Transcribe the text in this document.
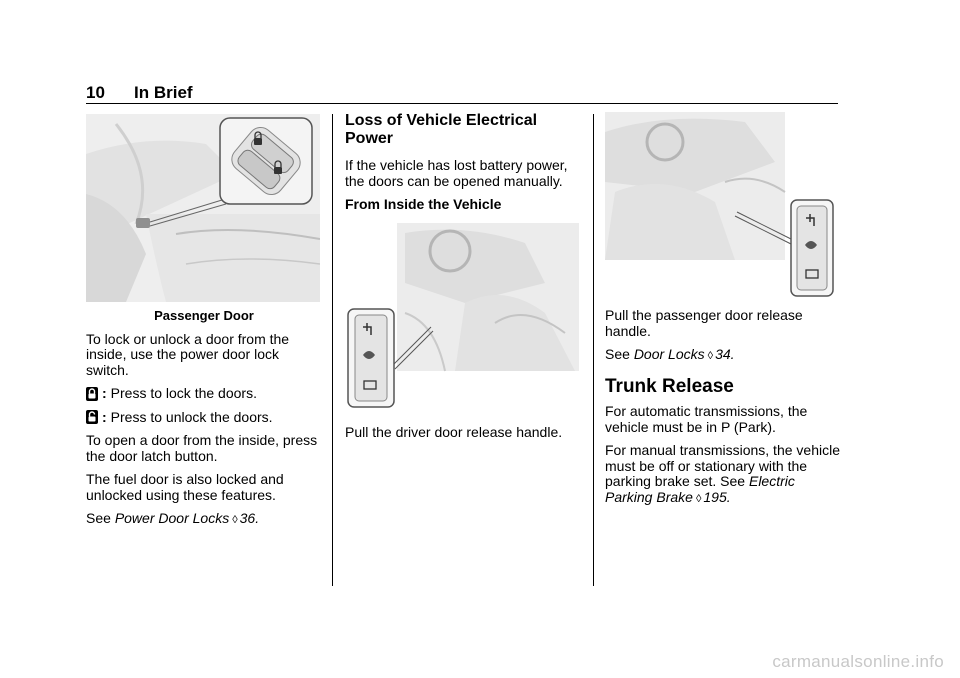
10 In Brief
Passenger Door

To lock or unlock a door from the inside, use the power door lock switch.

: Press to lock the doors.
: Press to unlock the doors.

To open a door from the inside, press the door latch button.

The fuel door is also locked and unlocked using these features.

See Power Door Locks ◊ 36.

Loss of Vehicle Electrical Power

If the vehicle has lost battery power, the doors can be opened manually.

From Inside the Vehicle

Pull the driver door release handle.

Pull the passenger door release handle.

See Door Locks ◊ 34.

Trunk Release

For automatic transmissions, the vehicle must be in P (Park).

For manual transmissions, the vehicle must be off or stationary with the parking brake set. See Electric Parking Brake ◊ 195.

carmanualsonline.info
